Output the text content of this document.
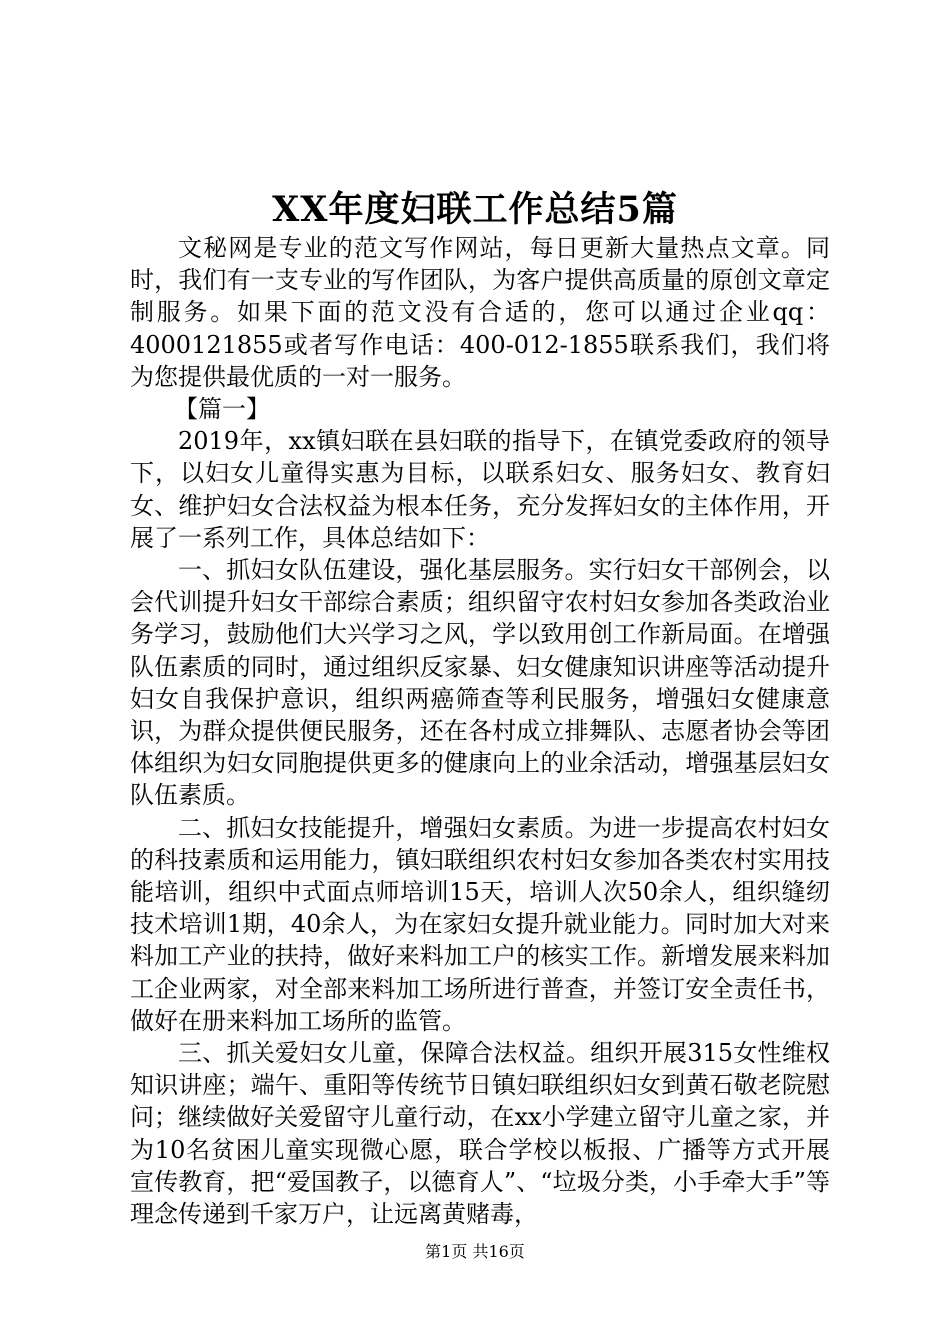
XX年度妇联工作总结5篇

文秘网是专业的范文写作网站，每日更新大量热点文章。同时，我们有一支专业的写作团队，为客户提供高质量的原创文章定制服务。如果下面的范文没有合适的，您可以通过企业qq：4000121855或者写作电话：400-012-1855联系我们，我们将为您提供最优质的一对一服务。

【篇一】

2019年，xx镇妇联在县妇联的指导下，在镇党委政府的领导下，以妇女儿童得实惠为目标，以联系妇女、服务妇女、教育妇女、维护妇女合法权益为根本任务，充分发挥妇女的主体作用，开展了一系列工作，具体总结如下：

一、抓妇女队伍建设，强化基层服务。实行妇女干部例会，以会代训提升妇女干部综合素质；组织留守农村妇女参加各类政治业务学习，鼓励他们大兴学习之风，学以致用创工作新局面。在增强队伍素质的同时，通过组织反家暴、妇女健康知识讲座等活动提升妇女自我保护意识，组织两癌筛查等利民服务，增强妇女健康意识，为群众提供便民服务，还在各村成立排舞队、志愿者协会等团体组织为妇女同胞提供更多的健康向上的业余活动，增强基层妇女队伍素质。

二、抓妇女技能提升，增强妇女素质。为进一步提高农村妇女的科技素质和运用能力，镇妇联组织农村妇女参加各类农村实用技能培训，组织中式面点师培训15天，培训人次50余人，组织缝纫技术培训1期，40余人，为在家妇女提升就业能力。同时加大对来料加工产业的扶持，做好来料加工户的核实工作。新增发展来料加工企业两家，对全部来料加工场所进行普查，并签订安全责任书，做好在册来料加工场所的监管。

三、抓关爱妇女儿童，保障合法权益。组织开展315女性维权知识讲座；端午、重阳等传统节日镇妇联组织妇女到黄石敬老院慰问；继续做好关爱留守儿童行动，在xx小学建立留守儿童之家，并为10名贫困儿童实现微心愿，联合学校以板报、广播等方式开展宣传教育，把“爱国教子，以德育人”、“垃圾分类，小手牵大手”等理念传递到千家万户，让远离黄赌毒，

第1页 共16页
